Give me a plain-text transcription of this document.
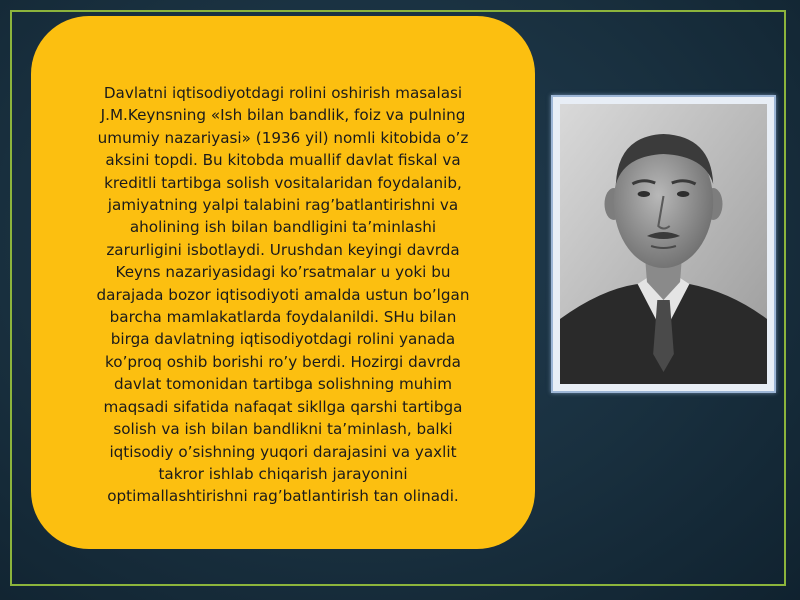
Davlatni iqtisodiyotdagi rolini oshirish masalasi
J.M.Keynsning «Ish bilan bandlik, foiz va pulning
umumiy nazariyasi» (1936 yil) nomli kitobida o’z
aksini topdi. Bu kitobda muallif davlat fiskal va
kreditli tartibga solish vositalaridan foydalanib,
jamiyatning yalpi talabini rag’batlantirishni va
aholining ish bilan bandligini ta’minlashi
zarurligini isbotlaydi. Urushdan keyingi davrda
Keyns nazariyasidagi ko’rsatmalar u yoki bu
darajada bozor iqtisodiyoti amalda ustun bo’lgan
barcha mamlakatlarda foydalanildi. SHu bilan
birga davlatning iqtisodiyotdagi rolini yanada
ko’proq oshib borishi ro’y berdi. Hozirgi davrda
davlat tomonidan tartibga solishning muhim
maqsadi sifatida nafaqat sikllga qarshi tartibga
solish va ish bilan bandlikni ta’minlash, balki
iqtisodiy o’sishning yuqori darajasini va yaxlit
takror ishlab chiqarish jarayonini
optimallashtirishni rag’batlantirish tan olinadi.
